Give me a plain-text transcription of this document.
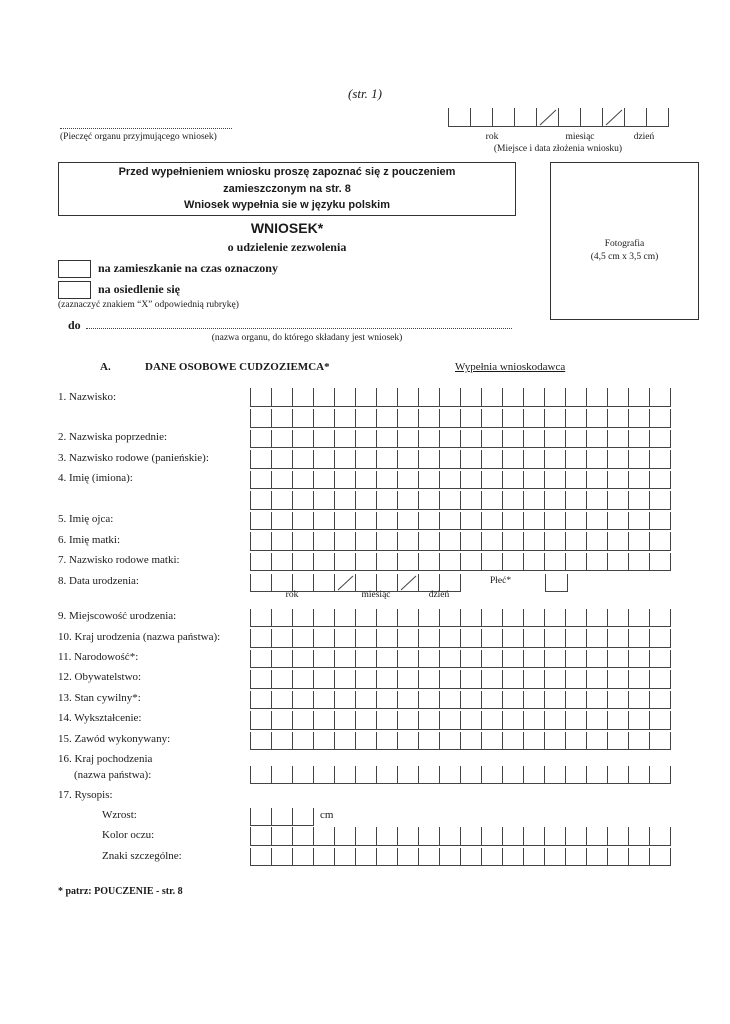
(str. 1)
(Pieczęć organu przyjmującego wniosek)	rok	miesiąc	dzień
(Miejsce i data złożenia wniosku)
Przed wypełnieniem wniosku proszę zapoznać się z pouczeniem
zamieszczonym na str. 8
Wniosek wypełnia sie w języku polskim
Fotografia
(4,5 cm x 3,5 cm)
WNIOSEK*
o udzielenie zezwolenia
na zamieszkanie na czas oznaczony
na osiedlenie się
(zaznaczyć znakiem “X” odpowiednią rubrykę)
do
(nazwa organu, do którego składany jest wniosek)
A.	DANE OSOBOWE CUDZOZIEMCA*	Wypełnia wnioskodawca
1. Nazwisko:
2. Nazwiska poprzednie:
3. Nazwisko rodowe (panieńskie):
4. Imię (imiona):
5. Imię ojca:
6. Imię matki:
7. Nazwisko rodowe matki:
8. Data urodzenia:
9. Miejscowość urodzenia:
10. Kraj urodzenia (nazwa państwa):
11. Narodowość*:
12. Obywatelstwo:
13. Stan cywilny*:
14. Wykształcenie:
15. Zawód wykonywany:
16. Kraj pochodzenia
(nazwa państwa):
17. Rysopis:
Wzrost:
Kolor oczu:
Znaki szczególne:
rok	miesiąc	dzień
Płeć*
cm
* patrz: POUCZENIE - str. 8
